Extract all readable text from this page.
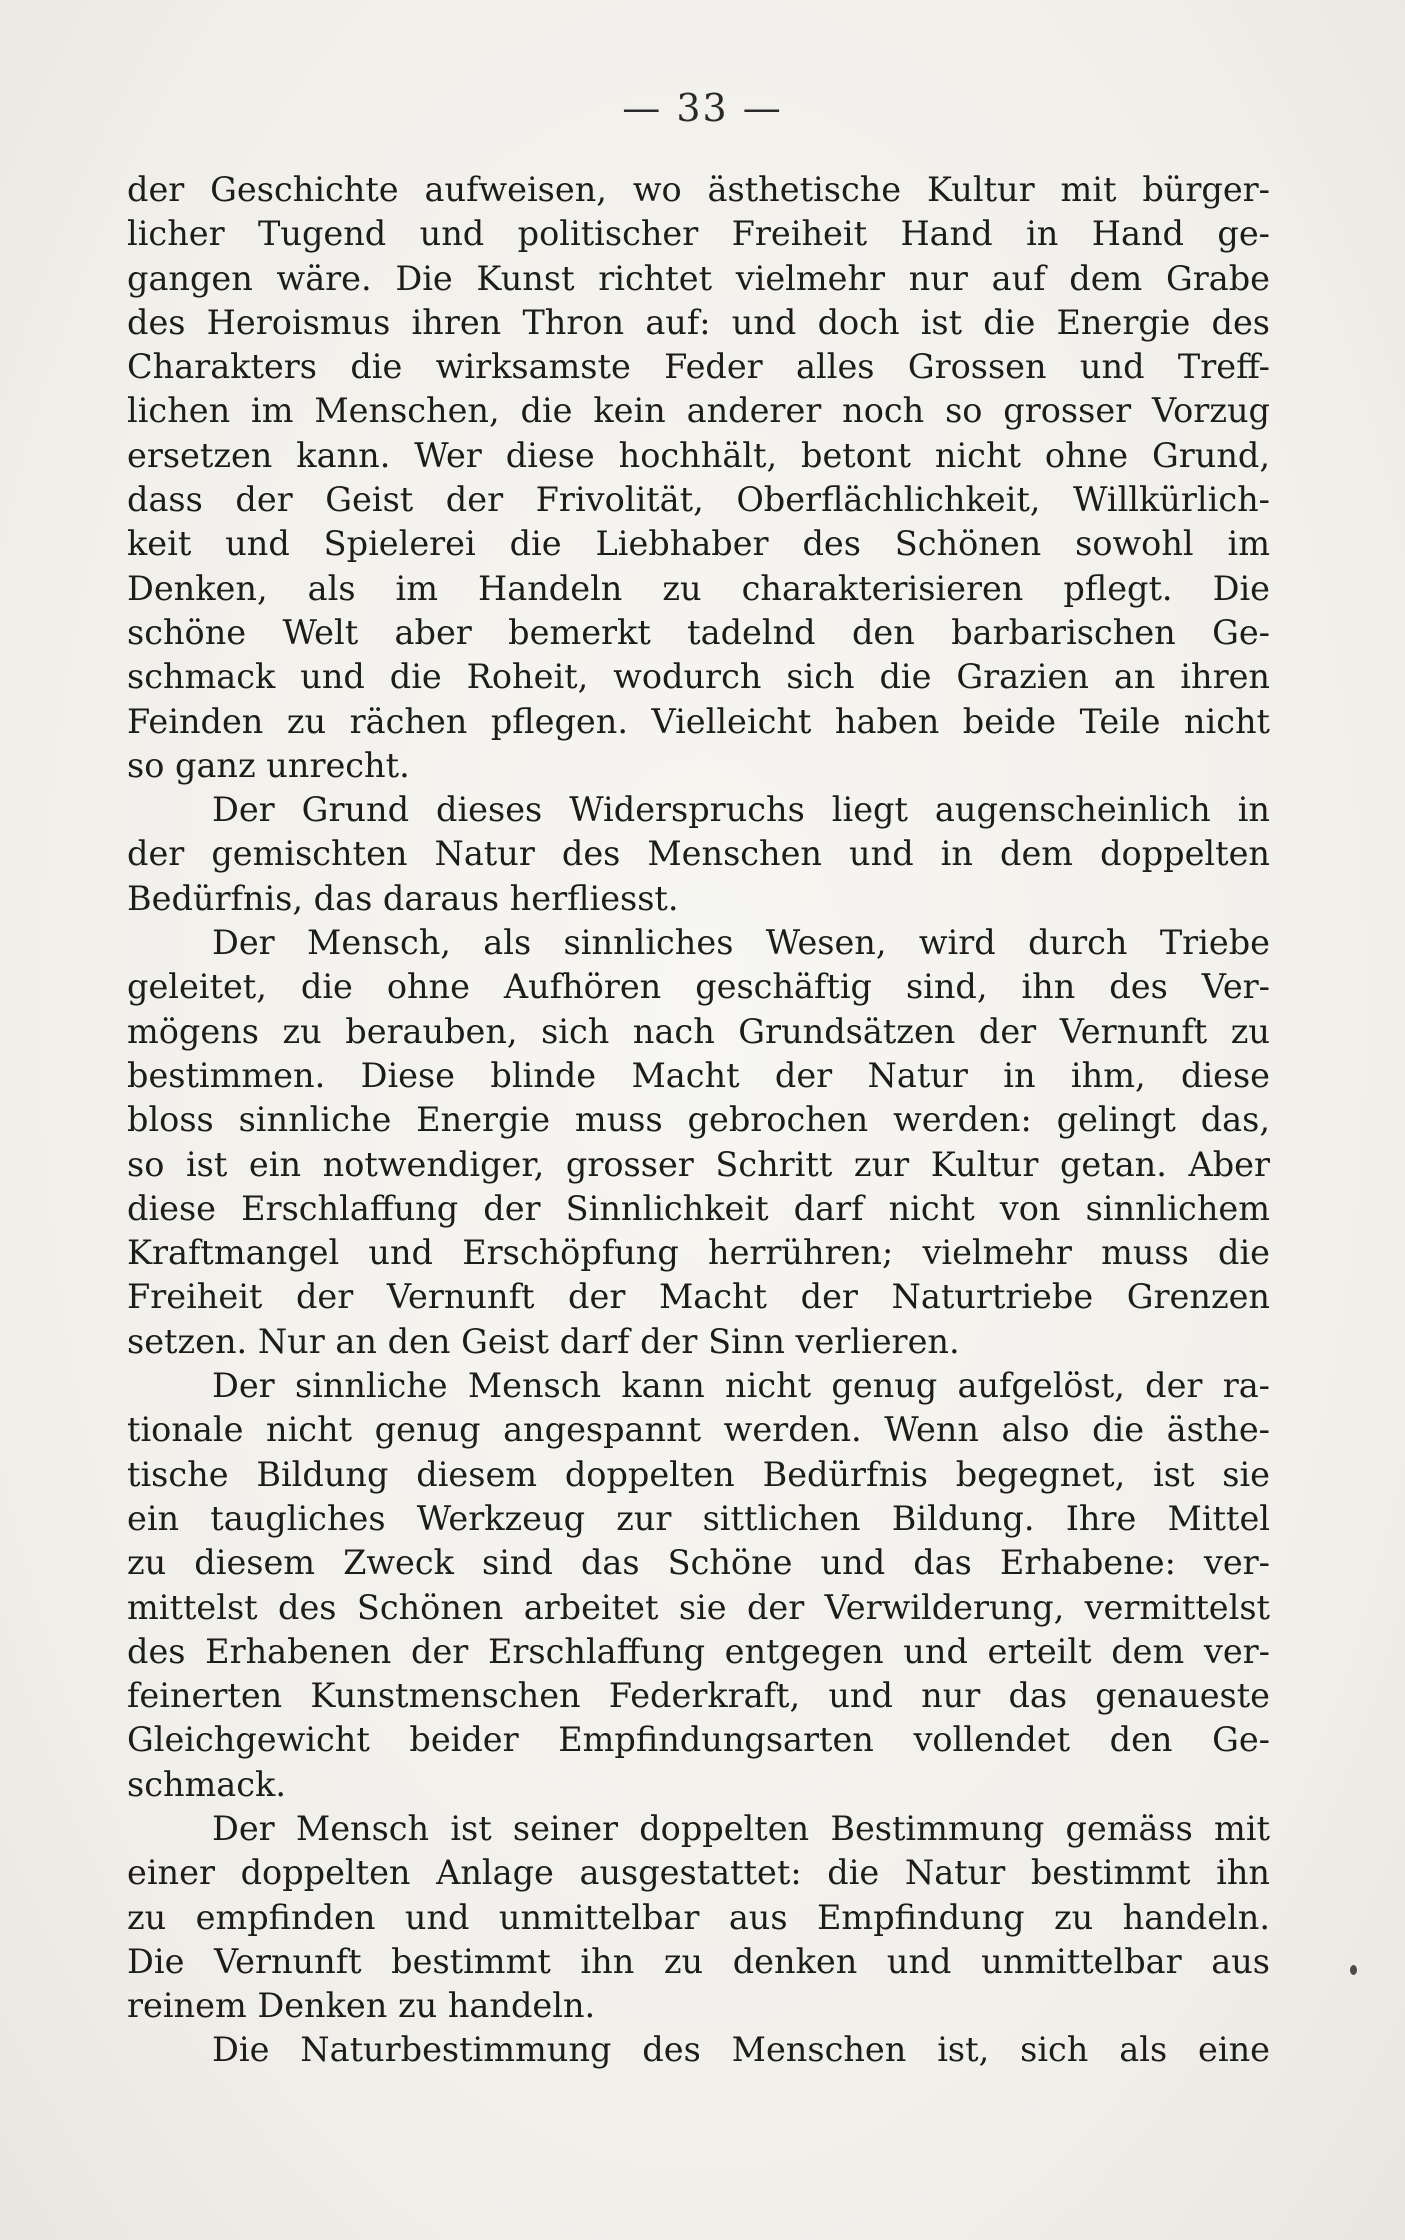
— 33 —
der Geschichte aufweisen, wo ästhetische Kultur mit bürger-
licher Tugend und politischer Freiheit Hand in Hand ge-
gangen wäre. Die Kunst richtet vielmehr nur auf dem Grabe
des Heroismus ihren Thron auf: und doch ist die Energie des
Charakters die wirksamste Feder alles Grossen und Treff-
lichen im Menschen, die kein anderer noch so grosser Vorzug
ersetzen kann. Wer diese hochhält, betont nicht ohne Grund,
dass der Geist der Frivolität, Oberflächlichkeit, Willkürlich-
keit und Spielerei die Liebhaber des Schönen sowohl im
Denken, als im Handeln zu charakterisieren pflegt. Die
schöne Welt aber bemerkt tadelnd den barbarischen Ge-
schmack und die Roheit, wodurch sich die Grazien an ihren
Feinden zu rächen pflegen. Vielleicht haben beide Teile nicht
so ganz unrecht.
Der Grund dieses Widerspruchs liegt augenscheinlich in
der gemischten Natur des Menschen und in dem doppelten
Bedürfnis, das daraus herfliesst.
Der Mensch, als sinnliches Wesen, wird durch Triebe
geleitet, die ohne Aufhören geschäftig sind, ihn des Ver-
mögens zu berauben, sich nach Grundsätzen der Vernunft zu
bestimmen. Diese blinde Macht der Natur in ihm, diese
bloss sinnliche Energie muss gebrochen werden: gelingt das,
so ist ein notwendiger, grosser Schritt zur Kultur getan. Aber
diese Erschlaffung der Sinnlichkeit darf nicht von sinnlichem
Kraftmangel und Erschöpfung herrühren; vielmehr muss die
Freiheit der Vernunft der Macht der Naturtriebe Grenzen
setzen. Nur an den Geist darf der Sinn verlieren.
Der sinnliche Mensch kann nicht genug aufgelöst, der ra-
tionale nicht genug angespannt werden. Wenn also die ästhe-
tische Bildung diesem doppelten Bedürfnis begegnet, ist sie
ein taugliches Werkzeug zur sittlichen Bildung. Ihre Mittel
zu diesem Zweck sind das Schöne und das Erhabene: ver-
mittelst des Schönen arbeitet sie der Verwilderung, vermittelst
des Erhabenen der Erschlaffung entgegen und erteilt dem ver-
feinerten Kunstmenschen Federkraft, und nur das genaueste
Gleichgewicht beider Empfindungsarten vollendet den Ge-
schmack.
Der Mensch ist seiner doppelten Bestimmung gemäss mit
einer doppelten Anlage ausgestattet: die Natur bestimmt ihn
zu empfinden und unmittelbar aus Empfindung zu handeln.
Die Vernunft bestimmt ihn zu denken und unmittelbar aus
reinem Denken zu handeln.
Die Naturbestimmung des Menschen ist, sich als eine
